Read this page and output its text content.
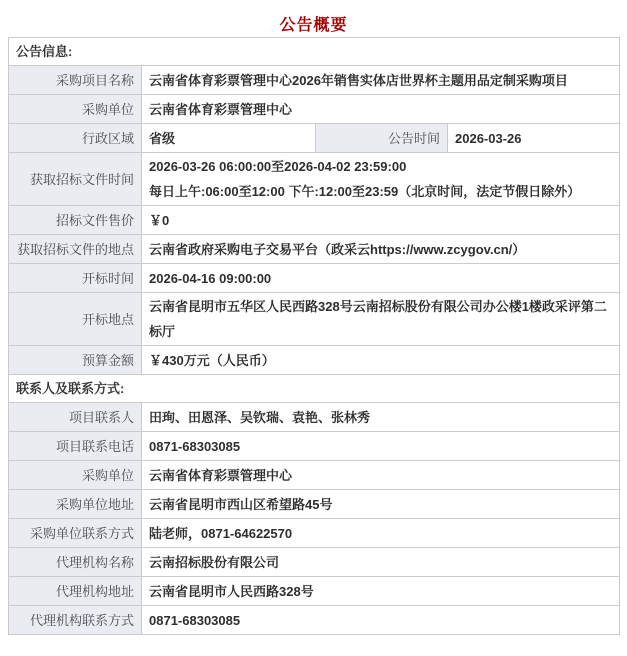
公告概要
公告信息:			
采购项目名称	云南省体育彩票管理中心2026年销售实体店世界杯主题用品定制采购项目		
采购单位	云南省体育彩票管理中心		
行政区域	省级	公告时间	2026-03-26
获取招标文件时间	2026-03-26 06:00:00至2026-04-02 23:59:00
每日上午:06:00至12:00 下午:12:00至23:59（北京时间，法定节假日除外）		

招标文件售价	￥0		
获取招标文件的地点	云南省政府采购电子交易平台（政采云https://www.zcygov.cn/）		
开标时间	2026-04-16 09:00:00		
开标地点	云南省昆明市五华区人民西路328号云南招标股份有限公司办公楼1楼政采评第二标厅		
预算金额	￥430万元（人民币）		
联系人及联系方式:			
项目联系人	田珣、田恩泽、吴钦瑞、袁艳、张林秀		
项目联系电话	0871-68303085		
采购单位	云南省体育彩票管理中心		
采购单位地址	云南省昆明市西山区希望路45号		
采购单位联系方式	陆老师，0871-64622570		
代理机构名称	云南招标股份有限公司		
代理机构地址	云南省昆明市人民西路328号		
代理机构联系方式	0871-68303085		
